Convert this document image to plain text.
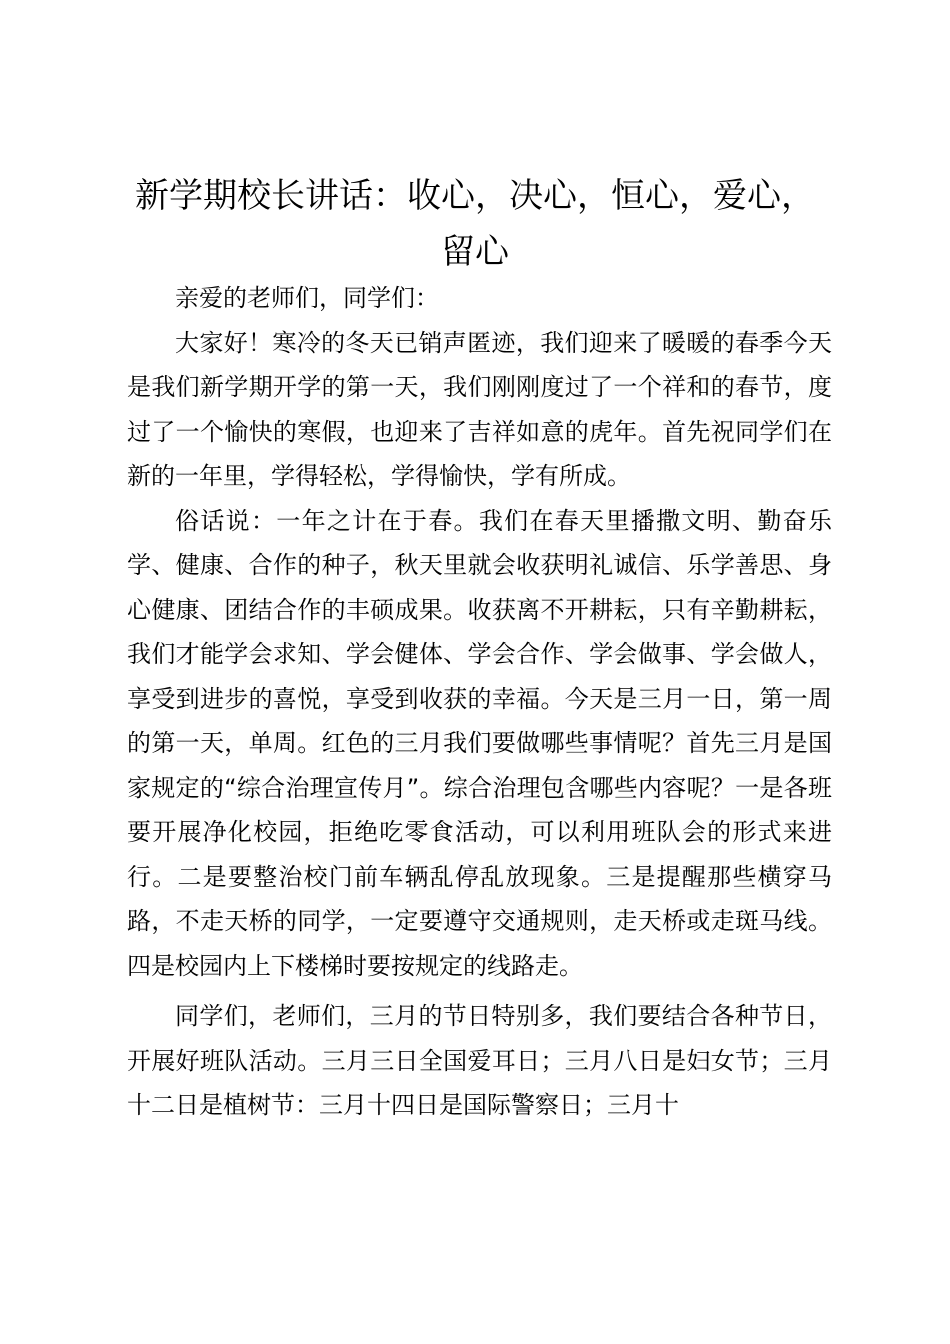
新学期校长讲话：收心，决心，恒心，爱心，
留心

亲爱的老师们，同学们：

大家好！寒冷的冬天已销声匿迹，我们迎来了暖暖的春季今天是我们新学期开学的第一天，我们刚刚度过了一个祥和的春节，度过了一个愉快的寒假，也迎来了吉祥如意的虎年。首先祝同学们在新的一年里，学得轻松，学得愉快，学有所成。

俗话说：一年之计在于春。我们在春天里播撒文明、勤奋乐学、健康、合作的种子，秋天里就会收获明礼诚信、乐学善思、身心健康、团结合作的丰硕成果。收获离不开耕耘，只有辛勤耕耘，我们才能学会求知、学会健体、学会合作、学会做事、学会做人，享受到进步的喜悦，享受到收获的幸福。今天是三月一日，第一周的第一天，单周。红色的三月我们要做哪些事情呢？首先三月是国家规定的“综合治理宣传月”。综合治理包含哪些内容呢？一是各班要开展净化校园，拒绝吃零食活动，可以利用班队会的形式来进行。二是要整治校门前车辆乱停乱放现象。三是提醒那些横穿马路，不走天桥的同学，一定要遵守交通规则，走天桥或走斑马线。四是校园内上下楼梯时要按规定的线路走。

同学们，老师们，三月的节日特别多，我们要结合各种节日，开展好班队活动。三月三日全国爱耳日；三月八日是妇女节；三月十二日是植树节：三月十四日是国际警察日；三月十
